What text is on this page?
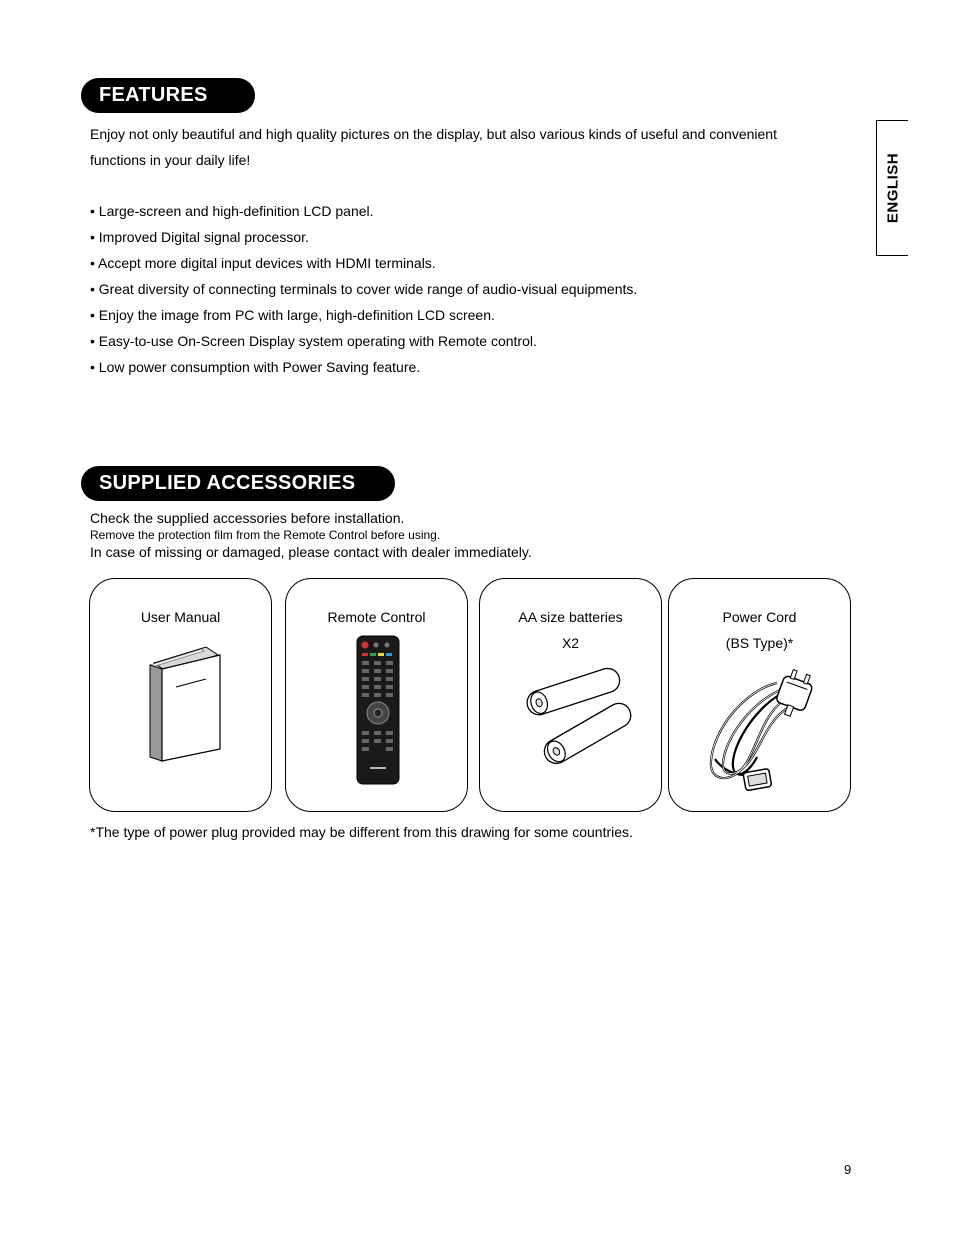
FEATURES
Enjoy not only beautiful and high quality pictures on the display, but also various kinds of useful and convenient
functions in your daily life!
• Large-screen and high-definition LCD panel.
• Improved Digital signal processor.
• Accept more digital input devices with HDMI terminals.
• Great diversity of connecting terminals to cover wide range of audio-visual equipments.
• Enjoy the image from PC with large, high-definition LCD screen.
• Easy-to-use On-Screen Display system operating with Remote control.
• Low power consumption with Power Saving feature.
ENGLISH
SUPPLIED ACCESSORIES
Check the supplied accessories before installation.
Remove the protection film from the Remote Control before using.
In case of missing or damaged, please contact with dealer immediately.
User Manual	Remote Control	AA size batteries
X2
Power Cord
(BS Type)*
*The type of power plug provided may be different from this drawing for some countries.
9
